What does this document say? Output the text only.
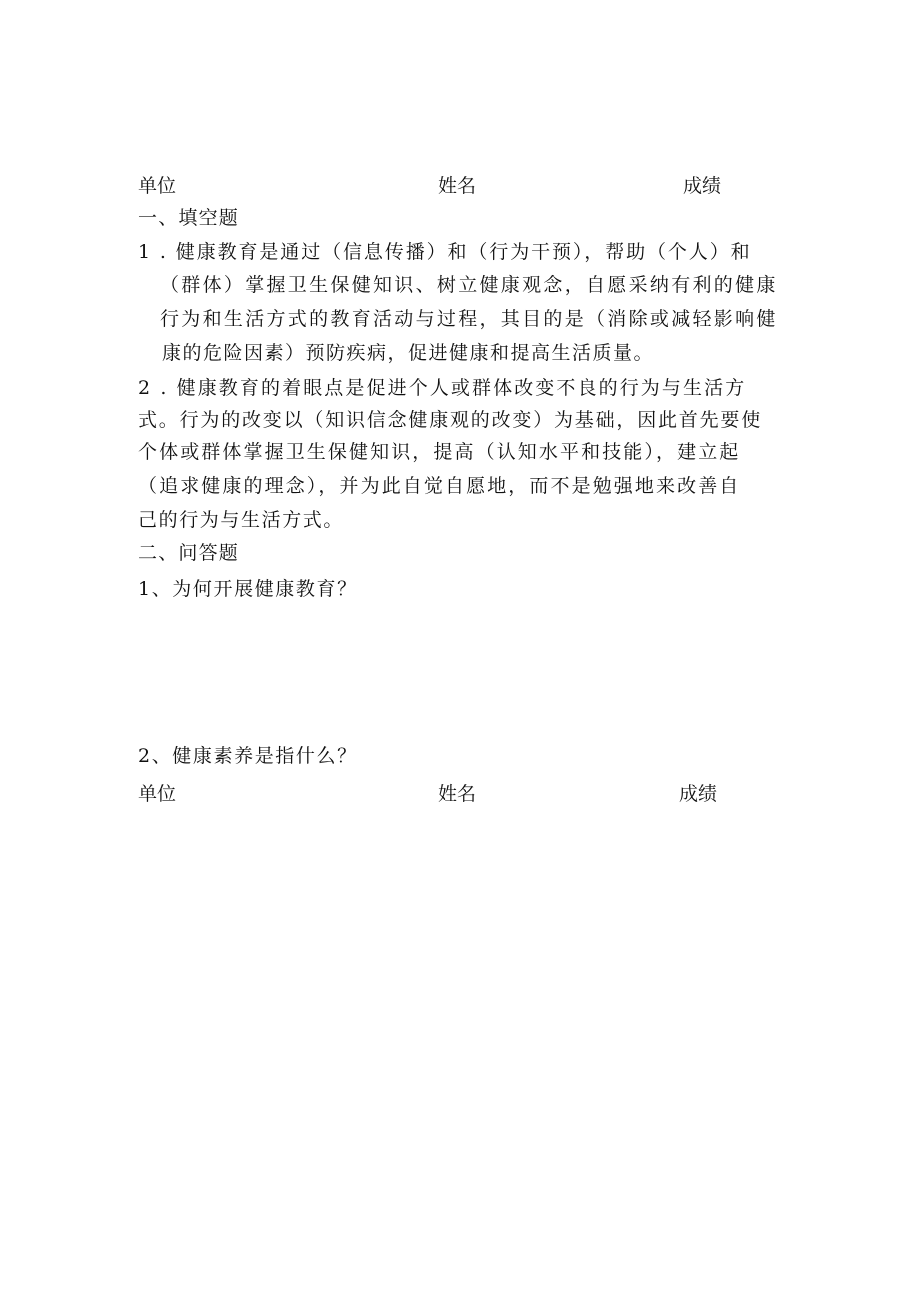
单位	姓名	成绩
一、填空题
1 . 健康教育是通过（信息传播）和（行为干预），帮助（个人）和
（群体）掌握卫生保健知识、树立健康观念，自愿采纳有利的健康
行为和生活方式的教育活动与过程，其目的是（消除或减轻影响健
康的危险因素）预防疾病，促进健康和提高生活质量。
2 . 健康教育的着眼点是促进个人或群体改变不良的行为与生活方
式。行为的改变以（知识信念健康观的改变）为基础，因此首先要使
个体或群体掌握卫生保健知识，提高（认知水平和技能），建立起
（追求健康的理念），并为此自觉自愿地，而不是勉强地来改善自
己的行为与生活方式。
二、问答题
1、为何开展健康教育？
2、健康素养是指什么？
单位	姓名	成绩
